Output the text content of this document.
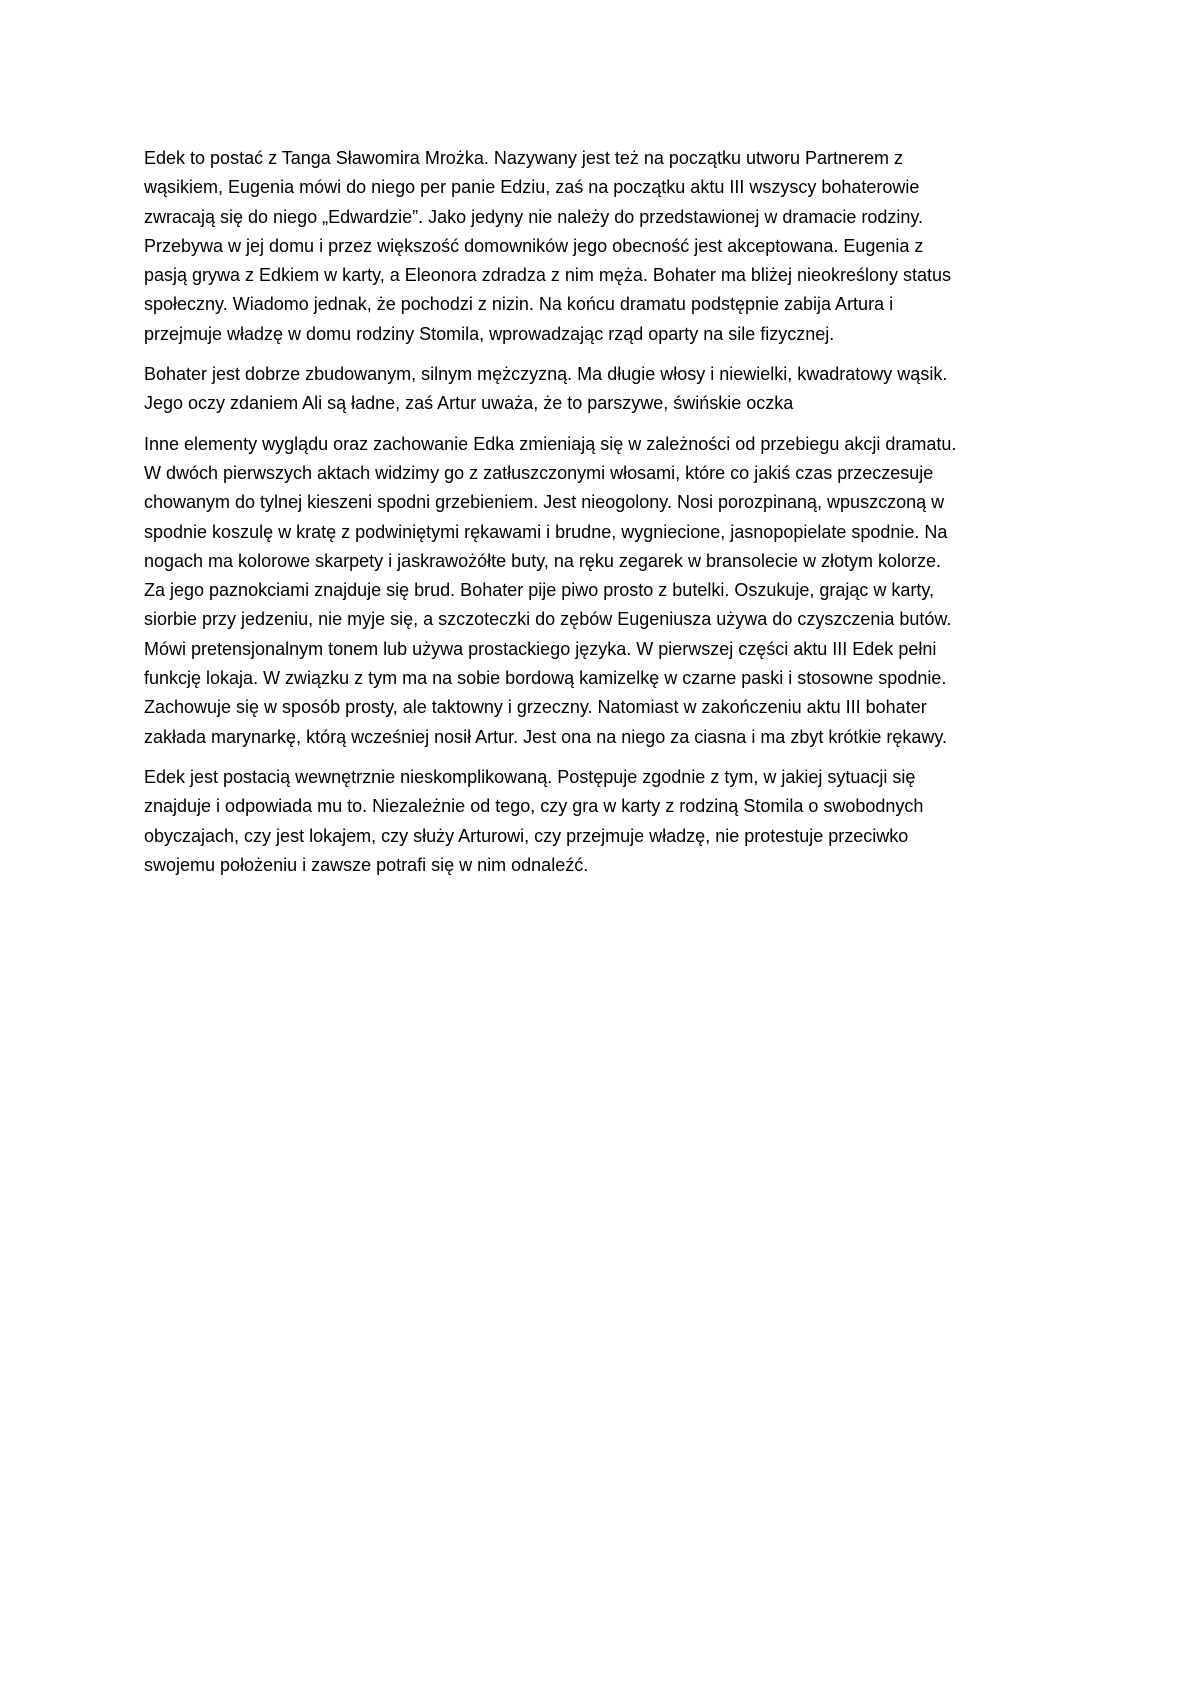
Edek to postać z Tanga Sławomira Mrożka. Nazywany jest też na początku utworu Partnerem z
wąsikiem, Eugenia mówi do niego per panie Edziu, zaś na początku aktu III wszyscy bohaterowie
zwracają się do niego „Edwardzie”. Jako jedyny nie należy do przedstawionej w dramacie rodziny.
Przebywa w jej domu i przez większość domowników jego obecność jest akceptowana. Eugenia z
pasją grywa z Edkiem w karty, a Eleonora zdradza z nim męża. Bohater ma bliżej nieokreślony status
społeczny. Wiadomo jednak, że pochodzi z nizin. Na końcu dramatu podstępnie zabija Artura i
przejmuje władzę w domu rodziny Stomila, wprowadzając rząd oparty na sile fizycznej.

Bohater jest dobrze zbudowanym, silnym mężczyzną. Ma długie włosy i niewielki, kwadratowy wąsik.
Jego oczy zdaniem Ali są ładne, zaś Artur uważa, że to parszywe, świńskie oczka

Inne elementy wyglądu oraz zachowanie Edka zmieniają się w zależności od przebiegu akcji dramatu.
W dwóch pierwszych aktach widzimy go z zatłuszczonymi włosami, które co jakiś czas przeczesuje
chowanym do tylnej kieszeni spodni grzebieniem. Jest nieogolony. Nosi porozpinaną, wpuszczoną w
spodnie koszulę w kratę z podwiniętymi rękawami i brudne, wygniecione, jasnopopielate spodnie. Na
nogach ma kolorowe skarpety i jaskrawożółte buty, na ręku zegarek w bransolecie w złotym kolorze.
Za jego paznokciami znajduje się brud. Bohater pije piwo prosto z butelki. Oszukuje, grając w karty,
siorbie przy jedzeniu, nie myje się, a szczoteczki do zębów Eugeniusza używa do czyszczenia butów.
Mówi pretensjonalnym tonem lub używa prostackiego języka. W pierwszej części aktu III Edek pełni
funkcję lokaja. W związku z tym ma na sobie bordową kamizelkę w czarne paski i stosowne spodnie.
Zachowuje się w sposób prosty, ale taktowny i grzeczny. Natomiast w zakończeniu aktu III bohater
zakłada marynarkę, którą wcześniej nosił Artur. Jest ona na niego za ciasna i ma zbyt krótkie rękawy.

Edek jest postacią wewnętrznie nieskomplikowaną. Postępuje zgodnie z tym, w jakiej sytuacji się
znajduje i odpowiada mu to. Niezależnie od tego, czy gra w karty z rodziną Stomila o swobodnych
obyczajach, czy jest lokajem, czy służy Arturowi, czy przejmuje władzę, nie protestuje przeciwko
swojemu położeniu i zawsze potrafi się w nim odnaleźć.
